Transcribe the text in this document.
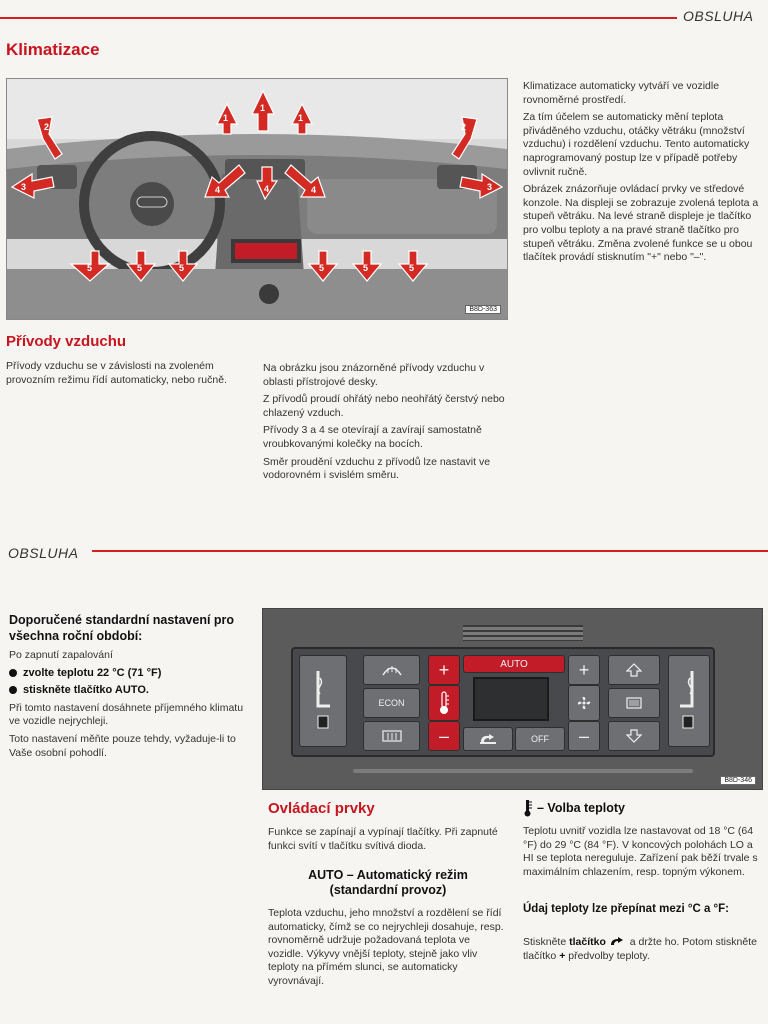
OBSLUHA
Klimatizace
1
1
1
2	2
3	3
4	4	4
5	5	5	5	5	5
B8D-363

Klimatizace automaticky vytváří ve vozidle rovnoměrné prostředí.

Za tím účelem se automaticky mění teplota přiváděného vzduchu, otáčky větráku (množství vzduchu) i rozdělení vzduchu. Tento automaticky naprogramovaný postup lze v případě potřeby ovlivnit ručně.

Obrázek znázorňuje ovládací prvky ve středové konzole. Na displeji se zobrazuje zvolená teplota a stupeň větráku. Na levé straně displeje je tlačítko pro volbu teploty a na pravé straně tlačítko pro stupeň větráku. Změna zvolené funkce se u obou tlačítek provádí stisknutím "+" nebo "–".

Přívody vzduchu

Přívody vzduchu se v závislosti na zvoleném provozním režimu řídí automaticky, nebo ručně.

Na obrázku jsou znázorněné přívody vzduchu v oblasti přístrojové desky.

Z přívodů proudí ohřátý nebo neohřátý čerstvý nebo chlazený vzduch.

Přívody 3 a 4 se otevírají a zavírají samostatně vroubkovanými kolečky na bocích.

Směr proudění vzduchu z přívodů lze nastavit ve vodorovném i svislém směru.

OBSLUHA
Doporučené standardní nastavení pro všechna roční období:

Po zapnutí zapalování

zvolte teplotu 22 °C (71 °F)

stiskněte tlačítko AUTO.

Při tomto nastavení dosáhnete příjemného klimatu ve vozidle nejrychleji.

Toto nastavení měňte pouze tehdy, vyžaduje-li to Vaše osobní pohodlí.

ECON
+
–
AUTO
OFF
+
–
B8D-346
Ovládací prvky

Funkce se zapínají a vypínají tlačítky. Při zapnuté funkci svítí v tlačítku svítivá dioda.

AUTO – Automatický režim
(standardní provoz)

Teplota vzduchu, jeho množství a rozdělení se řídí automaticky, čímž se co nejrychleji dosahuje, resp. rovnoměrně udržuje požadovaná teplota ve vozidle. Výkyvy vnější teploty, stejně jako vliv teploty na přímém slunci, se automaticky vyrovnávají.

– Volba teploty

Teplotu uvnitř vozidla lze nastavovat od 18 °C (64 °F) do 29 °C (84 °F). V koncových polohách LO a HI se teplota nereguluje. Zařízení pak běží trvale s maximálním chlazením, resp. topným výkonem.

Údaj teploty lze přepínat mezi °C a °F:
Stiskněte tlačítko  a držte ho. Potom stiskněte tlačítko + předvolby teploty.
